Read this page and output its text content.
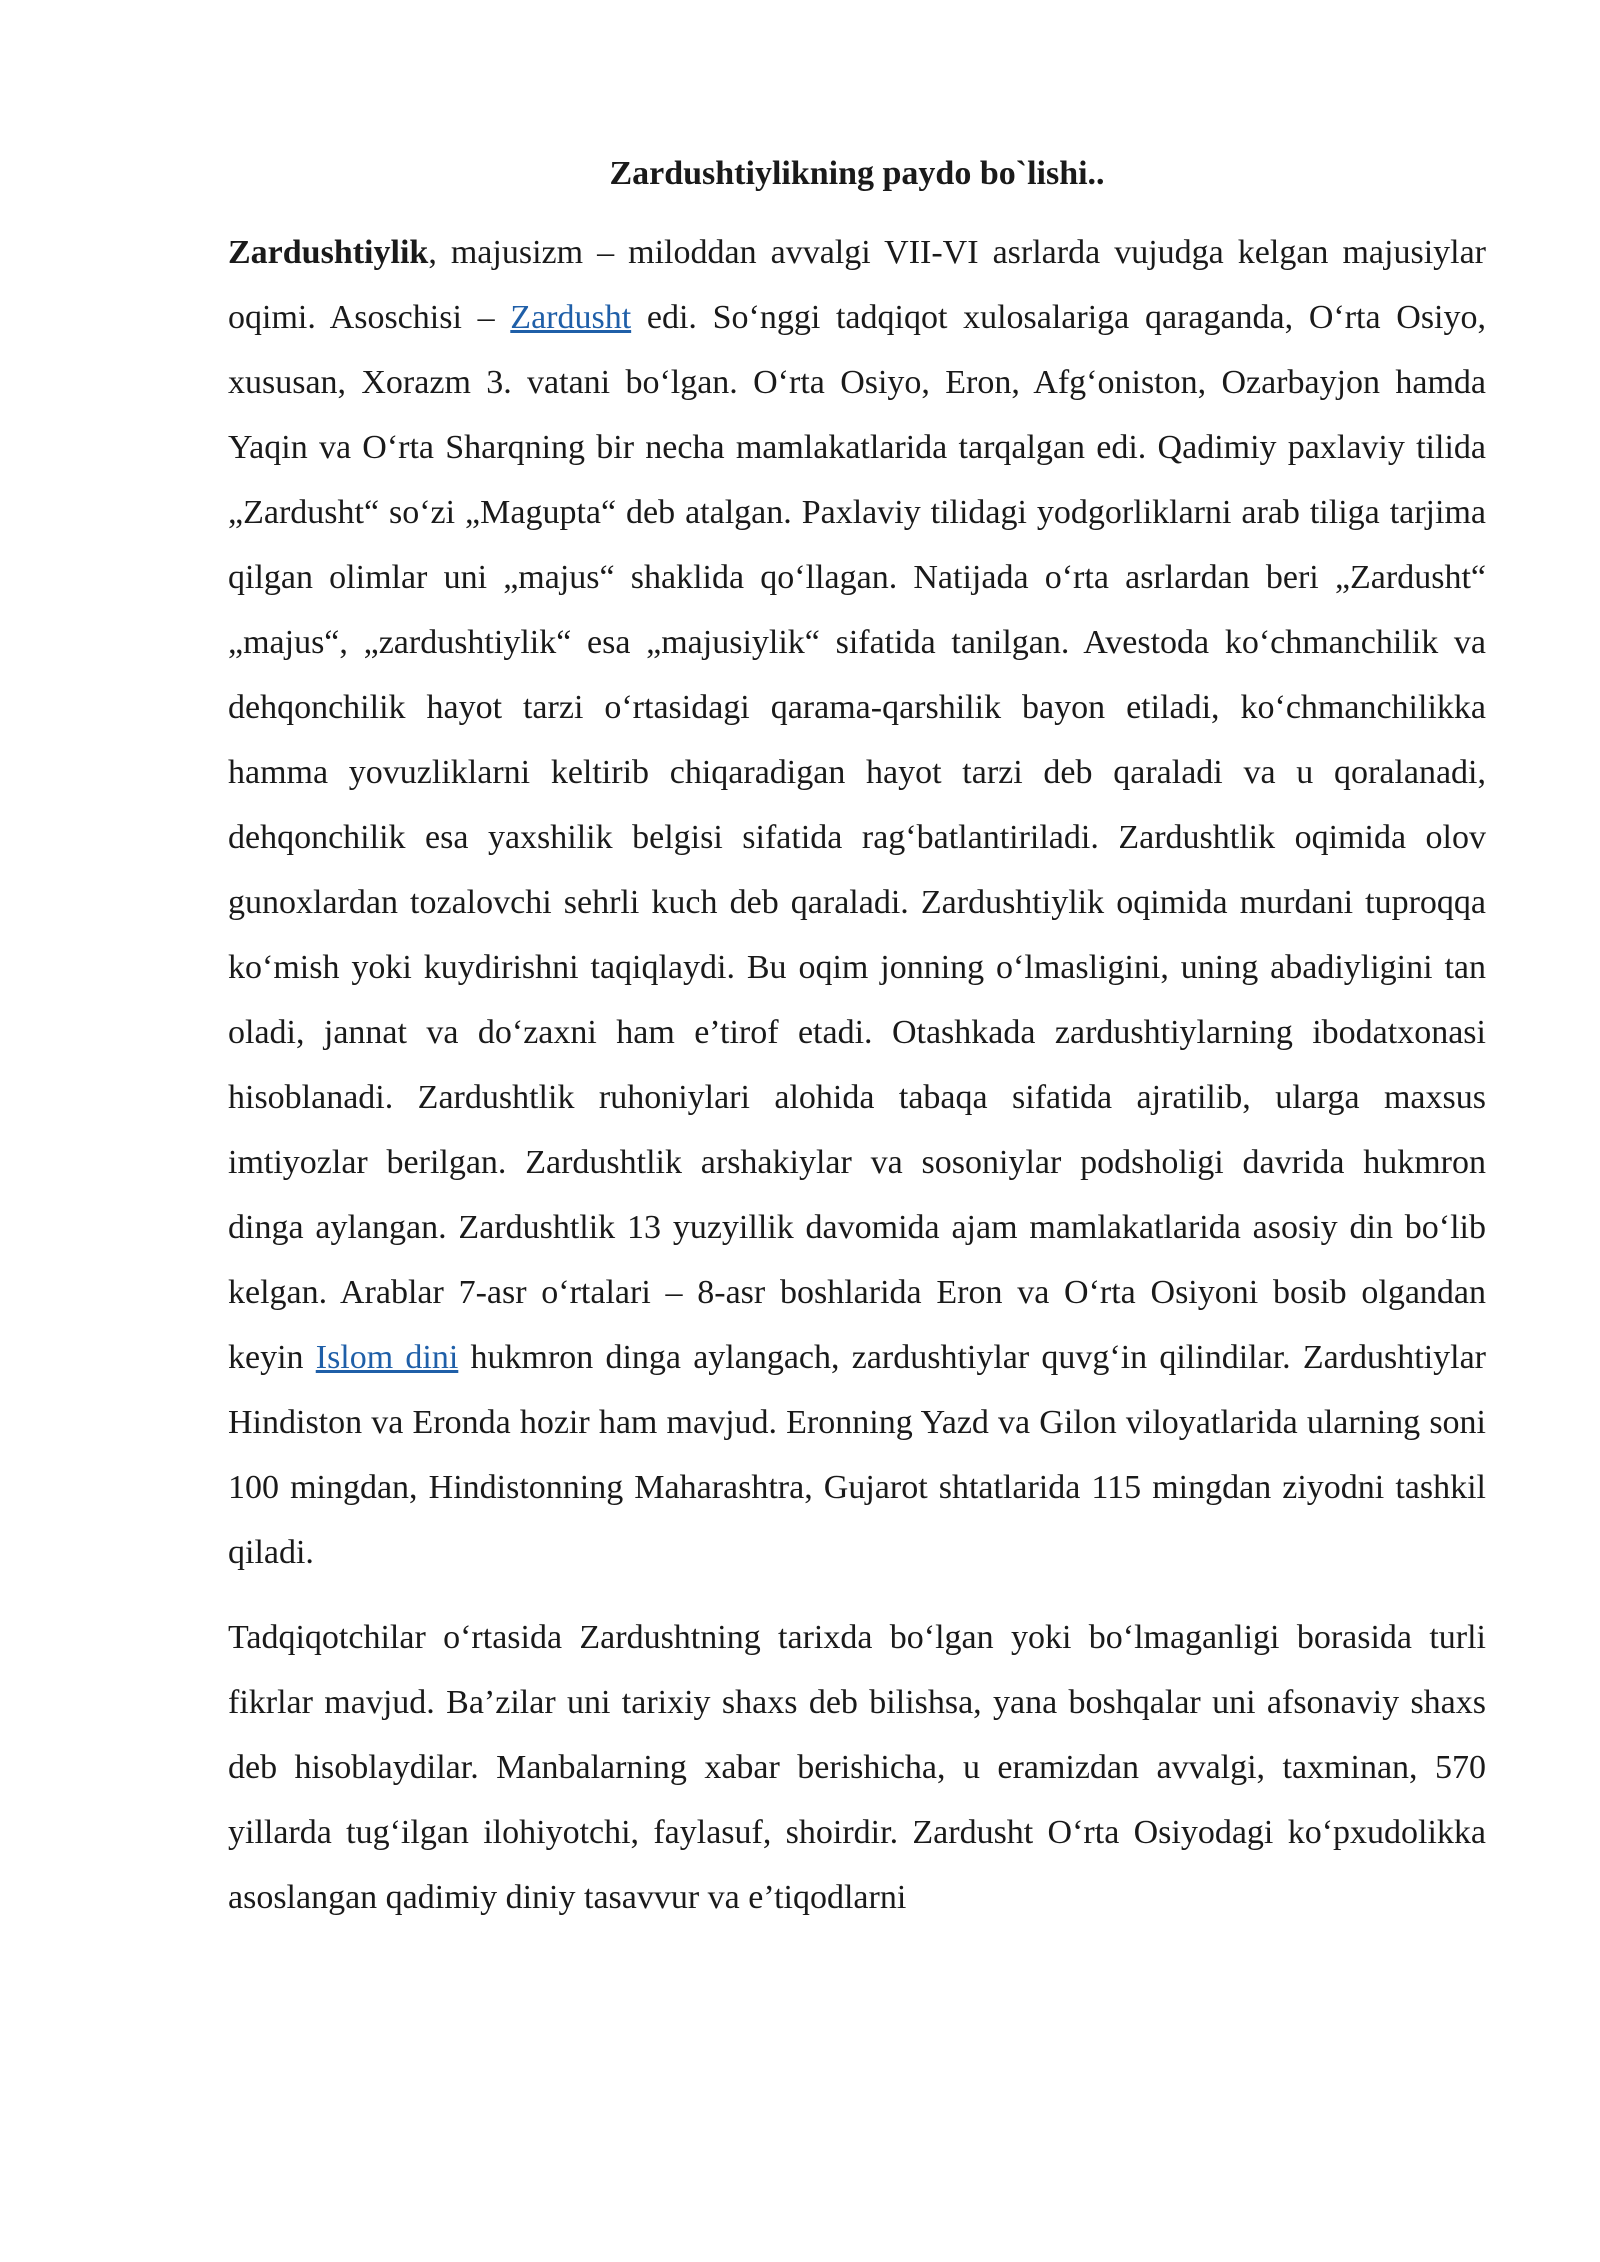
Zardushtiylikning paydo bo`lishi..

Zardushtiylik, majusizm – miloddan avvalgi VII-VI asrlarda vujudga kelgan majusiylar oqimi. Asoschisi – Zardusht edi. So‘nggi tadqiqot xulosalariga qaraganda, O‘rta Osiyo, xususan, Xorazm 3. vatani bo‘lgan. O‘rta Osiyo, Eron, Afg‘oniston, Ozarbayjon hamda Yaqin va O‘rta Sharqning bir necha mamlakatlarida tarqalgan edi. Qadimiy paxlaviy tilida „Zardusht“ so‘zi „Magupta“ deb atalgan. Paxlaviy tilidagi yodgorliklarni arab tiliga tarjima qilgan olimlar uni „majus“ shaklida qo‘llagan. Natijada o‘rta asrlardan beri „Zardusht“ „majus“, „zardushtiylik“ esa „majusiylik“ sifatida tanilgan. Avestoda ko‘chmanchilik va dehqonchilik hayot tarzi o‘rtasidagi qarama-qarshilik bayon etiladi, ko‘chmanchilikka hamma yovuzliklarni keltirib chiqaradigan hayot tarzi deb qaraladi va u qoralanadi, dehqonchilik esa yaxshilik belgisi sifatida rag‘batlantiriladi. Zardushtlik oqimida olov gunoxlardan tozalovchi sehrli kuch deb qaraladi. Zardushtiylik oqimida murdani tuproqqa ko‘mish yoki kuydirishni taqiqlaydi. Bu oqim jonning o‘lmasligini, uning abadiyligini tan oladi, jannat va do‘zaxni ham e’tirof etadi. Otashkada zardushtiylarning ibodatxonasi hisoblanadi. Zardushtlik ruhoniylari alohida tabaqa sifatida ajratilib, ularga maxsus imtiyozlar berilgan. Zardushtlik arshakiylar va sosoniylar podsholigi davrida hukmron dinga aylangan. Zardushtlik 13 yuzyillik davomida ajam mamlakatlarida asosiy din bo‘lib kelgan. Arablar 7-asr o‘rtalari – 8-asr boshlarida Eron va O‘rta Osiyoni bosib olgandan keyin Islom dini hukmron dinga aylangach, zardushtiylar quvg‘in qilindilar. Zardushtiylar Hindiston va Eronda hozir ham mavjud. Eronning Yazd va Gilon viloyatlarida ularning soni 100 mingdan, Hindistonning Maharashtra, Gujarot shtatlarida 115 mingdan ziyodni tashkil qiladi.

Tadqiqotchilar o‘rtasida Zardushtning tarixda bo‘lgan yoki bo‘lmaganligi borasida turli fikrlar mavjud. Ba’zilar uni tarixiy shaxs deb bilishsa, yana boshqalar uni afsonaviy shaxs deb hisoblaydilar. Manbalarning xabar berishicha, u eramizdan avvalgi, taxminan, 570 yillarda tug‘ilgan ilohiyotchi, faylasuf, shoirdir. Zardusht O‘rta Osiyodagi ko‘pxudolikka asoslangan qadimiy diniy tasavvur va e’tiqodlarni
